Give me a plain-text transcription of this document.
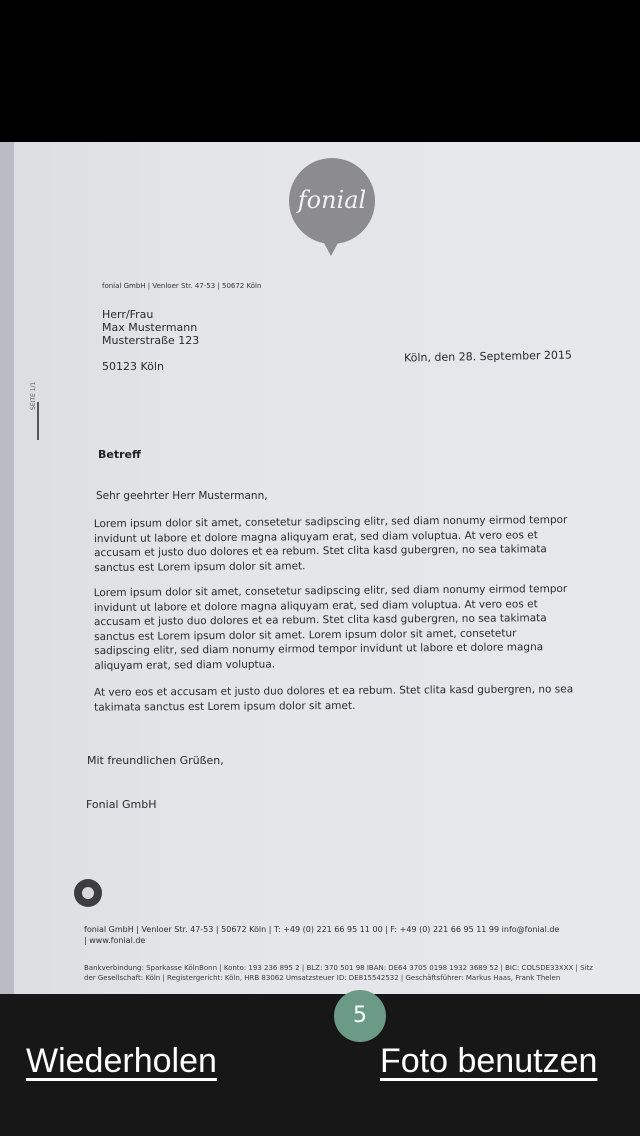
fonial
fonial GmbH | Venloer Str. 47-53 | 50672 Köln
Herr/Frau
Max Mustermann
Musterstraße 123
50123 Köln
Köln, den 28. September 2015
SEITE 1/1
Betreff
Sehr geehrter Herr Mustermann,
Lorem ipsum dolor sit amet, consetetur sadipscing elitr, sed diam nonumy eirmod tempor invidunt ut labore et dolore magna aliquyam erat, sed diam voluptua. At vero eos et accusam et justo duo dolores et ea rebum. Stet clita kasd gubergren, no sea takimata sanctus est Lorem ipsum dolor sit amet.
Lorem ipsum dolor sit amet, consetetur sadipscing elitr, sed diam nonumy eirmod tempor invidunt ut labore et dolore magna aliquyam erat, sed diam voluptua. At vero eos et accusam et justo duo dolores et ea rebum. Stet clita kasd gubergren, no sea takimata sanctus est Lorem ipsum dolor sit amet. Lorem ipsum dolor sit amet, consetetur sadipscing elitr, sed diam nonumy eirmod tempor invidunt ut labore et dolore magna aliquyam erat, sed diam voluptua.
At vero eos et accusam et justo duo dolores et ea rebum. Stet clita kasd gubergren, no sea takimata sanctus est Lorem ipsum dolor sit amet.
Mit freundlichen Grüßen,
Fonial GmbH
fonial GmbH | Venloer Str. 47-53 | 50672 Köln | T: +49 (0) 221 66 95 11 00 | F: +49 (0) 221 66 95 11 99 info@fonial.de | www.fonial.de
Bankverbindung: Sparkasse KölnBonn | Konto: 193 236 895 2 | BLZ: 370 501 98 IBAN: DE64 3705 0198 1932 3689 52 | BIC: COLSDE33XXX | Sitz der Gesellschaft: Köln | Registergericht: Köln, HRB 83062 Umsatzsteuer ID: DE815542532 | Geschäftsführer: Markus Haas, Frank Thelen
5
Wiederholen	Foto benutzen
